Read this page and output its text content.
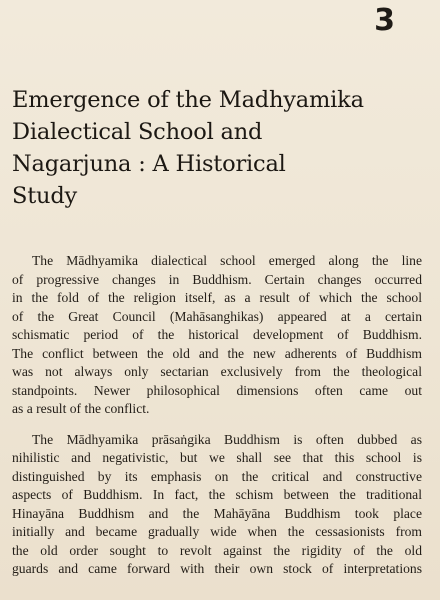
3
Emergence of the Madhyamika
Dialectical School and
Nagarjuna : A Historical
Study

The Mādhyamika dialectical school emerged along the line
of progressive changes in Buddhism. Certain changes occurred
in the fold of the religion itself, as a result of which the school
of the Great Council (Mahāsanghikas) appeared at a certain
schismatic period of the historical development of Buddhism.
The conflict between the old and the new adherents of Buddhism
was not always only sectarian exclusively from the theological
standpoints. Newer philosophical dimensions often came out
as a result of the conflict.

The Mādhyamika prāsaṅgika Buddhism is often dubbed as
nihilistic and negativistic, but we shall see that this school is
distinguished by its emphasis on the critical and constructive
aspects of Buddhism. In fact, the schism between the traditional
Hinayāna Buddhism and the Mahāyāna Buddhism took place
initially and became gradually wide when the cessasionists from
the old order sought to revolt against the rigidity of the old
guards and came forward with their own stock of interpretations
